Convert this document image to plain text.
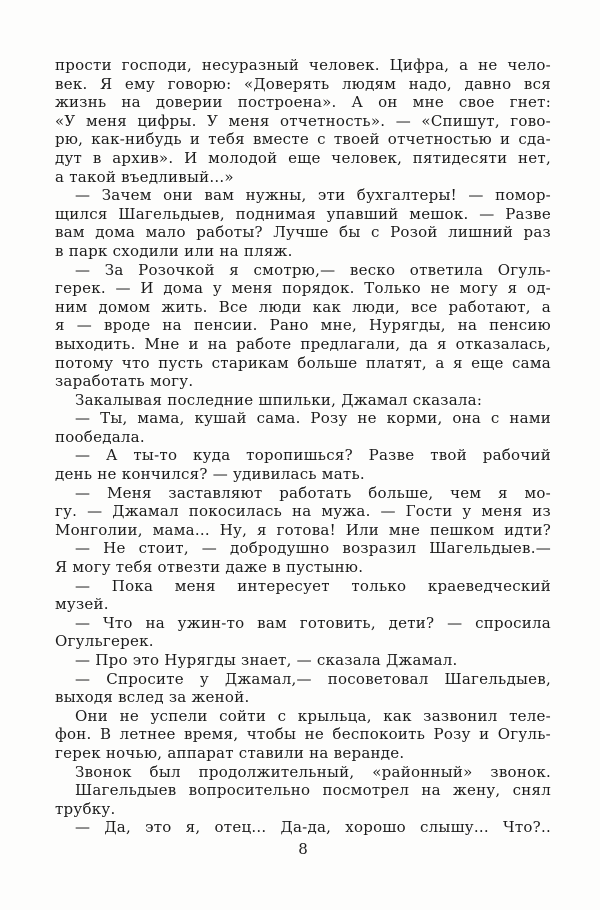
прости господи, несуразный человек. Цифра, а не чело-
век. Я ему говорю: «Доверять людям надо, давно вся
жизнь на доверии построена». А он мне свое гнет:
«У меня цифры. У меня отчетность». — «Спишут, гово-
рю, как-нибудь и тебя вместе с твоей отчетностью и сда-
дут в архив». И молодой еще человек, пятидесяти нет,
а такой въедливый...»
— Зачем они вам нужны, эти бухгалтеры! — помор-
щился Шагельдыев, поднимая упавший мешок. — Разве
вам дома мало работы? Лучше бы с Розой лишний раз
в парк сходили или на пляж.
— За Розочкой я смотрю,— веско ответила Огуль-
герек. — И дома у меня порядок. Только не могу я од-
ним домом жить. Все люди как люди, все работают, а
я — вроде на пенсии. Рано мне, Нурягды, на пенсию
выходить. Мне и на работе предлагали, да я отказалась,
потому что пусть старикам больше платят, а я еще сама
заработать могу.
Закалывая последние шпильки, Джамал сказала:
— Ты, мама, кушай сама. Розу не корми, она с нами
пообедала.
— А ты-то куда торопишься? Разве твой рабочий
день не кончился? — удивилась мать.
— Меня заставляют работать больше, чем я мо-
гу. — Джамал покосилась на мужа. — Гости у меня из
Монголии, мама... Ну, я готова! Или мне пешком идти?
— Не стоит, — добродушно возразил Шагельдыев.—
Я могу тебя отвезти даже в пустыню.
— Пока меня интересует только краеведческий
музей.
— Что на ужин-то вам готовить, дети? — спросила
Огульгерек.
— Про это Нурягды знает, — сказала Джамал.
— Спросите у Джамал,— посоветовал Шагельдыев,
выходя вслед за женой.
Они не успели сойти с крыльца, как зазвонил теле-
фон. В летнее время, чтобы не беспокоить Розу и Огуль-
герек ночью, аппарат ставили на веранде.
Звонок был продолжительный, «районный» звонок.
Шагельдыев вопросительно посмотрел на жену, снял
трубку.
— Да, это я, отец... Да-да, хорошо слышу... Что?..
8
